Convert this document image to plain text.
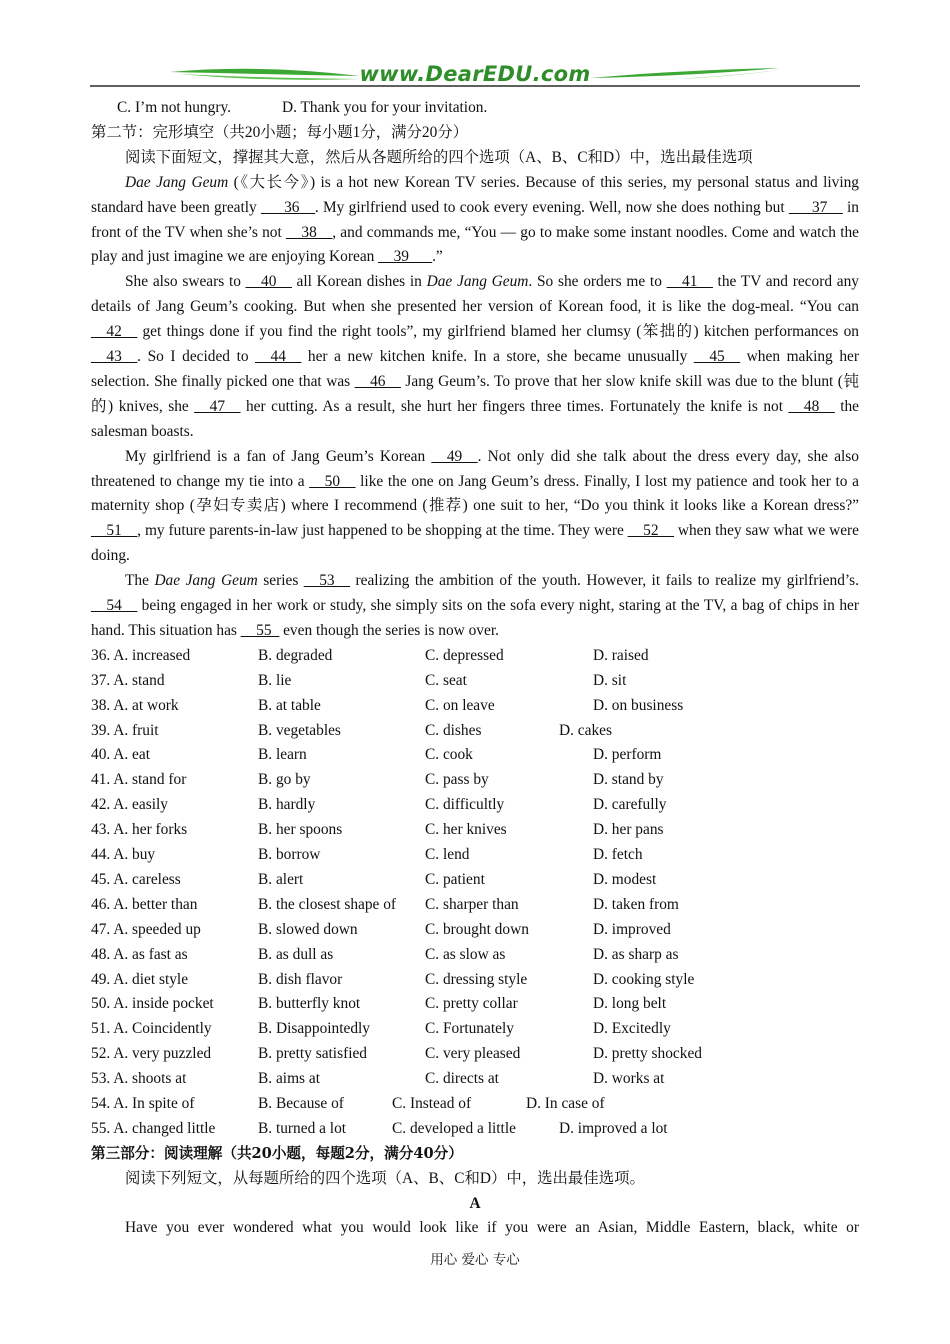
www.DearEDU.com
C. I’m not hungry.	D. Thank you for your invitation.

第二节：完形填空（共20小题；每小题1分，满分20分）

阅读下面短文，撑握其大意，然后从各题所给的四个选项（A、B、C和D）中，选出最佳选项

Dae Jang Geum (《大长今》) is a hot new Korean TV series. Because of this series, my personal status and living standard have been greatly ___36__. My girlfriend used to cook every evening. Well, now she does nothing but ___37__ in front of the TV when she’s not __38__, and commands me, “You — go to make some instant noodles. Come and watch the play and just imagine we are enjoying Korean __39___.”

She also swears to __40__ all Korean dishes in Dae Jang Geum. So she orders me to __41__ the TV and record any details of Jang Geum’s cooking. But when she presented her version of Korean food, it is like the dog-meal. “You can __42__ get things done if you find the right tools”, my girlfriend blamed her clumsy (笨拙的) kitchen performances on __43__. So I decided to __44__ her a new kitchen knife. In a store, she became unusually __45__ when making her selection. She finally picked one that was __46__ Jang Geum’s. To prove that her slow knife skill was due to the blunt (钝的) knives, she __47__ her cutting. As a result, she hurt her fingers three times. Fortunately the knife is not __48__ the salesman boasts.

My girlfriend is a fan of Jang Geum’s Korean __49__. Not only did she talk about the dress every day, she also threatened to change my tie into a __50__ like the one on Jang Geum’s dress. Finally, I lost my patience and took her to a maternity shop (孕妇专卖店) where I recommend (推荐) one suit to her, “Do you think it looks like a Korean dress?” __51__, my future parents-in-law just happened to be shopping at the time. They were __52__ when they saw what we were doing.

The Dae Jang Geum series __53__ realizing the ambition of the youth. However, it fails to realize my girlfriend’s. __54__ being engaged in her work or study, she simply sits on the sofa every night, staring at the TV, a bag of chips in her hand. This situation has __55_ even though the series is now over.

36. A. increased	B. degraded	C. depressed	D. raised
37. A. stand	B. lie	C. seat	D. sit
38. A. at work	B. at table	C. on leave	D. on business
39. A. fruit	B. vegetables	C. dishes	D. cakes
40. A. eat	B. learn	C. cook	D. perform
41. A. stand for	B. go by	C. pass by	D. stand by
42. A. easily	B. hardly	C. difficultly	D. carefully
43. A. her forks	B. her spoons	C. her knives	D. her pans
44. A. buy	B. borrow	C. lend	D. fetch
45. A. careless	B. alert	C. patient	D. modest
46. A. better than	B. the closest shape of C. sharper than	D. taken from
47. A. speeded up	B. slowed down	C. brought down	D. improved
48. A. as fast as	B. as dull as	C. as slow as	D. as sharp as
49. A. diet style	B. dish flavor	C. dressing style	D. cooking style
50. A. inside pocket	B. butterfly knot	C. pretty collar	D. long belt
51. A. Coincidently	B. Disappointedly	C. Fortunately	D. Excitedly
52. A. very puzzled	B. pretty satisfied	C. very pleased	D. pretty shocked
53. A. shoots at	B. aims at	C. directs at	D. works at
54. A. In spite of	B. Because of	C. Instead of	D. In case of
55. A. changed little	B. turned a lot	C. developed a little	D. improved a lot

第三部分：阅读理解（共20小题，每题2分，满分40分）

阅读下列短文，从每题所给的四个选项（A、B、C和D）中，选出最佳选项。

A

Have you ever wondered what you would look like if you were an Asian, Middle Eastern, black, white or

用心 爱心 专心
